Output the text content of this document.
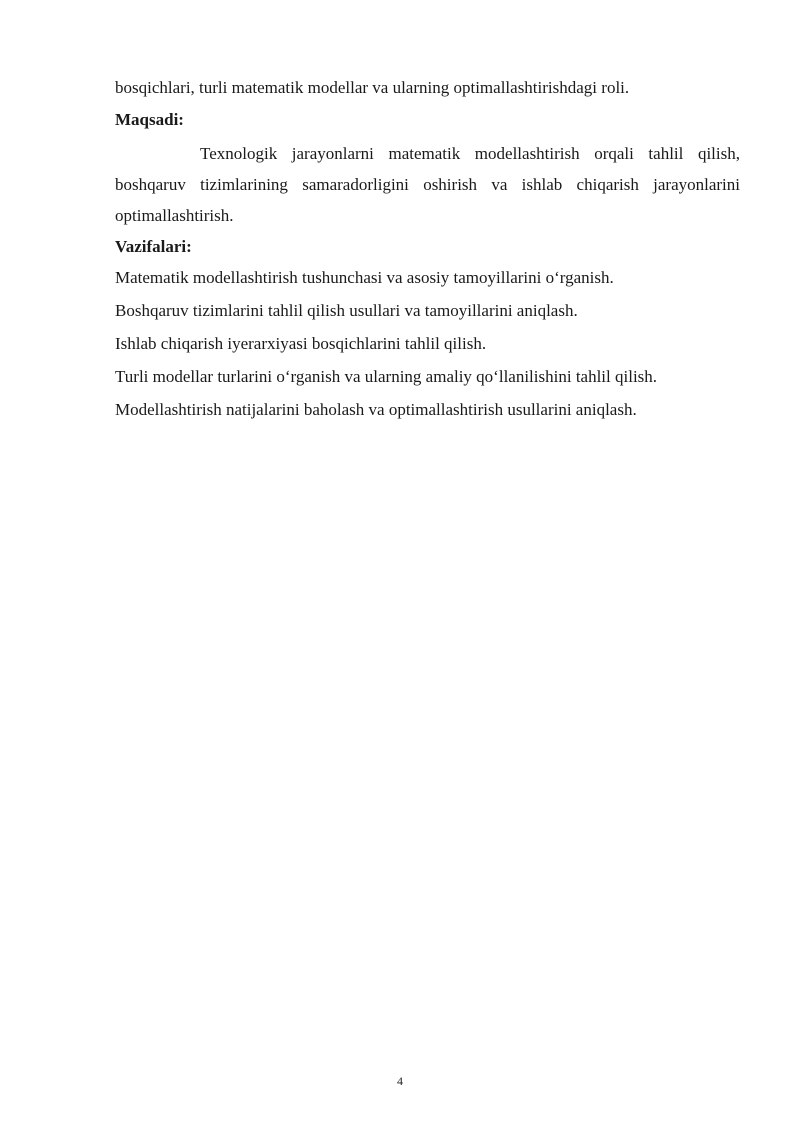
bosqichlari, turli matematik modellar va ularning optimallashtirishdagi roli.

Maqsadi:

Texnologik jarayonlarni matematik modellashtirish orqali tahlil qilish, boshqaruv tizimlarining samaradorligini oshirish va ishlab chiqarish jarayonlarini optimallashtirish.

Vazifalari:

Matematik modellashtirish tushunchasi va asosiy tamoyillarini o‘rganish.

Boshqaruv tizimlarini tahlil qilish usullari va tamoyillarini aniqlash.

Ishlab chiqarish iyerarxiyasi bosqichlarini tahlil qilish.

Turli modellar turlarini o‘rganish va ularning amaliy qo‘llanilishini tahlil qilish.

Modellashtirish natijalarini baholash va optimallashtirish usullarini aniqlash.

4
